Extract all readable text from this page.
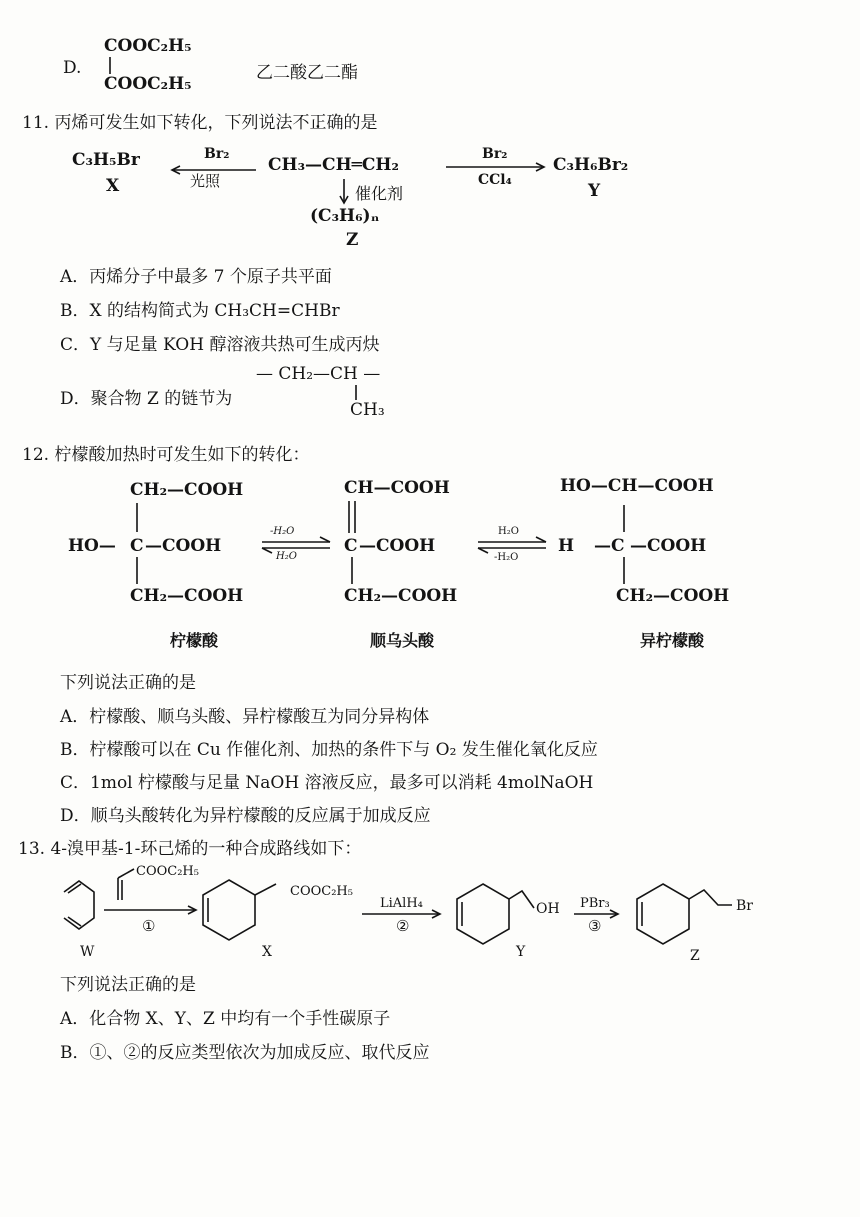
D.
COOC₂H₅
COOC₂H₅
乙二酸乙二酯
11. 丙烯可发生如下转化，下列说法不正确的是
C₃H₅Br
X
Br₂
光照
CH₃—CH═CH₂
Br₂
CCl₄
C₃H₆Br₂
Y
催化剂
(C₃H₆)ₙ
Z
A．丙烯分子中最多 7 个原子共平面
B．X 的结构简式为 CH₃CH=CHBr
C．Y 与足量 KOH 醇溶液共热可生成丙炔
D．聚合物 Z 的链节为
— CH₂—CH —
CH₃
12. 柠檬酸加热时可发生如下的转化：
CH₂—COOH
HO— C —COOH
CH₂—COOH
柠檬酸
-H₂O
H₂O
CH—COOH
C —COOH
CH₂—COOH
顺乌头酸
H₂O
-H₂O
HO—CH—COOH
H —C —COOH
CH₂—COOH
异柠檬酸
下列说法正确的是
A．柠檬酸、顺乌头酸、异柠檬酸互为同分异构体
B．柠檬酸可以在 Cu 作催化剂、加热的条件下与 O₂ 发生催化氧化反应
C．1mol 柠檬酸与足量 NaOH 溶液反应，最多可以消耗 4molNaOH
D．顺乌头酸转化为异柠檬酸的反应属于加成反应
13. 4-溴甲基-1-环己烯的一种合成路线如下：
COOC₂H₅
①
W
COOC₂H₅
X
LiAlH₄
②
OH
Y
PBr₃
③
Br
Z
下列说法正确的是
A．化合物 X、Y、Z 中均有一个手性碳原子
B．①、②的反应类型依次为加成反应、取代反应
